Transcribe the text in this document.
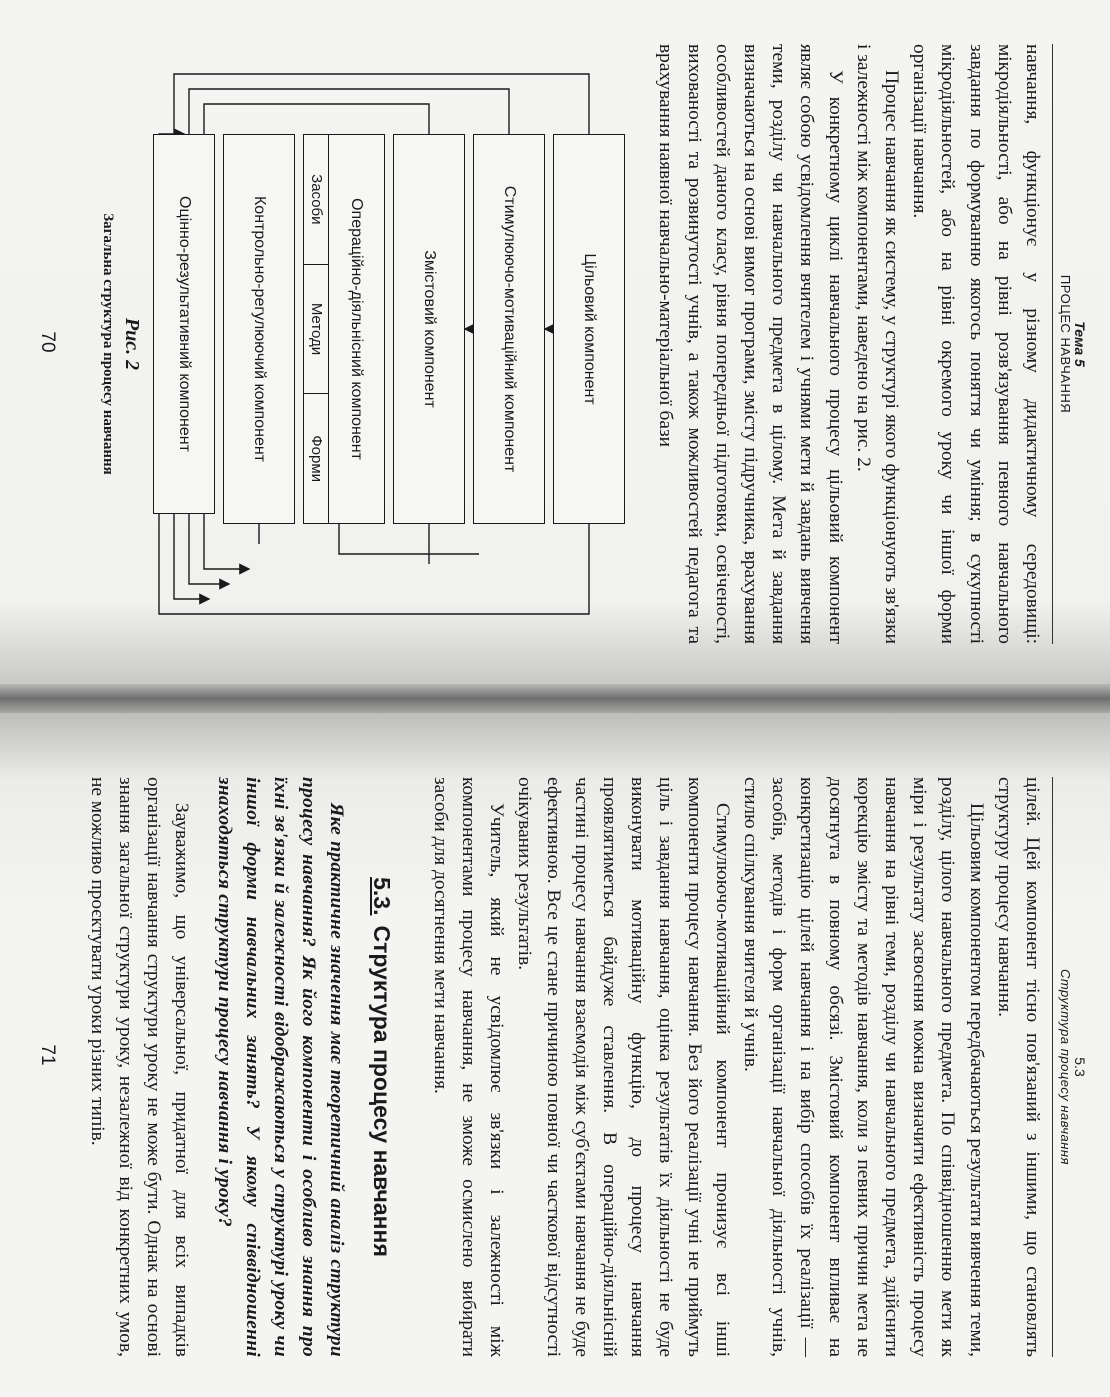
Тема 5
ПРОЦЕС НАВЧАННЯ

навчання, функціонує у різному дидактичному середовищі: мікродіяльності, або на рівні розв'язування певного навчального завдання по формуванню якогось поняття чи уміння; в сукупності мікродіяльностей, або на рівні окремого уроку чи іншої форми організації навчання.

Процес навчання як систему, у структурі якого функціонують зв'язки і залежності між компонентами, наведено на рис. 2.

У конкретному циклі навчального процесу цільовий компонент являє собою усвідомлення вчителем і учнями мети й завдань вивчення теми, розділу чи навчального предмета в цілому. Мета й завдання визначаються на основі вимог програми, змісту підручника, врахування особливостей даного класу, рівня попередньої підготовки, освіченості, вихованості та розвинутості учнів, а також можливостей педагога та врахування наявної навчально-матеріальної бази

Цільовий компонент
Стимулюючо-мотиваційний компонент
Змістовий компонент
Операційно-діяльнісний компонент
Засоби
Методи
Форми
Контрольно-регулюючий компонент
Оцінно-результативний компонент
Рис. 2
Загальна структура процесу навчання
70
5.3
Структура процесу навчання

цілей. Цей компонент тісно пов'язаний з іншими, що становлять структуру процесу навчання.

Цільовим компонентом передбачаються результати вивчення теми, розділу, цілого навчального предмета. По співвідношенню мети як міри і результату засвоєння можна визначити ефективність процесу навчання на рівні теми, розділу чи навчального предмета, здійснити корекцію змісту та методів навчання, коли з певних причин мета не досягнута в повному обсязі. Змістовий компонент впливає на конкретизацію цілей навчання і на вибір способів їх реалізації — засобів, методів і форм організації навчальної діяльності учнів, стилю спілкування вчителя й учнів.

Стимулюючо-мотиваційний компонент пронизує всі інші компоненти процесу навчання. Без його реалізації учні не приймуть ціль і завдання навчання, оцінка результатів їх діяльності не буде виконувати мотиваційну функцію, до процесу навчання проявлятиметься байдуже ставлення. В операційно-діяльнісній частині процесу навчання взаємодія між суб'єктами навчання не буде ефективною. Все це стане причиною повної чи часткової відсутності очікуваних результатів.

Учитель, який не усвідомлює зв'язки і залежності між компонентами процесу навчання, не зможе осмислено вибирати засоби для досягнення мети навчання.

5.3.Структура процесу навчання

Яке практичне значення має теоретичний аналіз структури процесу навчання? Як його компоненти і особливо знання про їхні зв'язки й залежності відображаються у структурі уроку чи іншої форми навчальних занять? У якому співвідношенні знаходяться структури процесу навчання і уроку?

Зауважимо, що універсальної, придатної для всіх випадків організації навчання структури уроку не може бути. Однак на основі знання загальної структури уроку, незалежної від конкретних умов, не можливо проєктувати уроки різних типів.

71
